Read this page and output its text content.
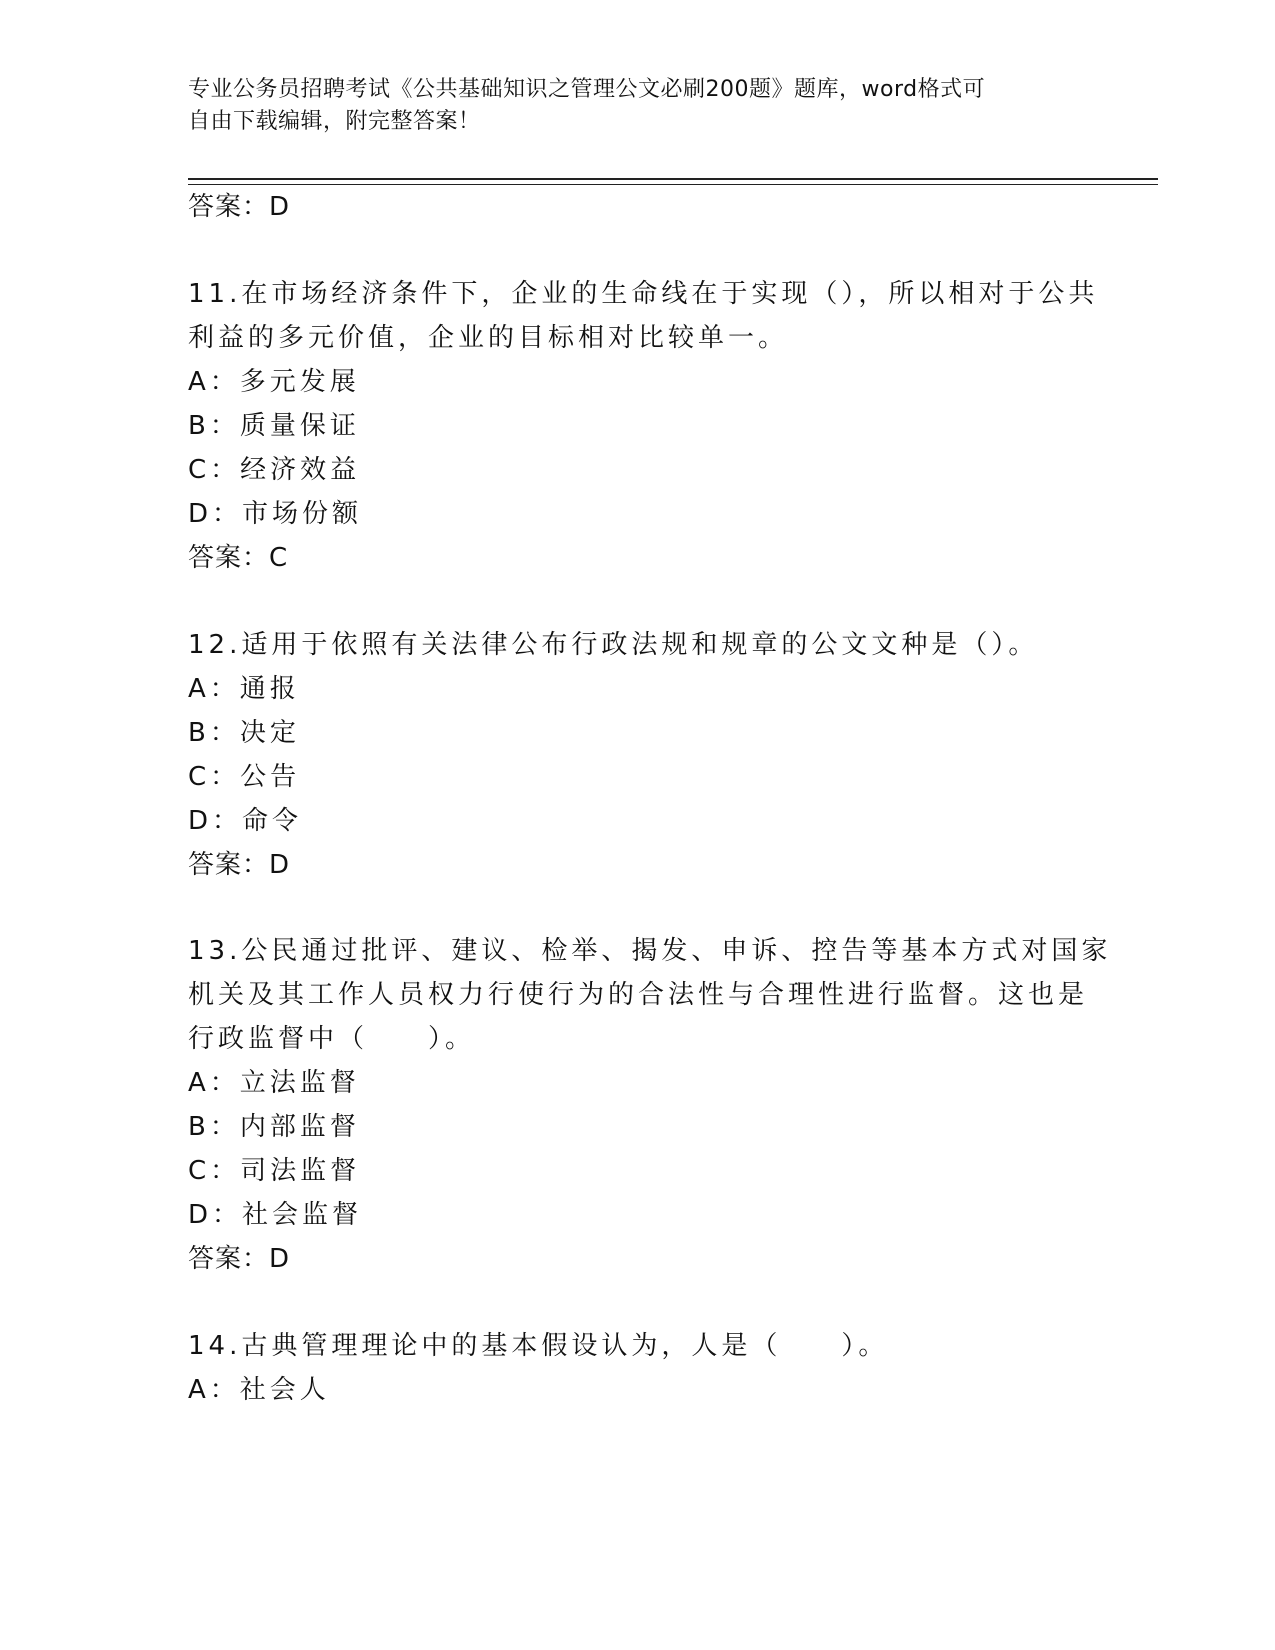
专业公务员招聘考试《公共基础知识之管理公文必刷200题》题库，word格式可
自由下载编辑，附完整答案！
答案：D
11.在市场经济条件下，企业的生命线在于实现（），所以相对于公共
利益的多元价值，企业的目标相对比较单一。
A：多元发展
B：质量保证
C：经济效益
D：市场份额
答案：C
12.适用于依照有关法律公布行政法规和规章的公文文种是（）。
A：通报
B：决定
C：公告
D：命令
答案：D
13.公民通过批评、建议、检举、揭发、申诉、控告等基本方式对国家
机关及其工作人员权力行使行为的合法性与合理性进行监督。这也是
行政监督中（　　）。
A：立法监督
B：内部监督
C：司法监督
D：社会监督
答案：D
14.古典管理理论中的基本假设认为，人是（　　）。
A：社会人
